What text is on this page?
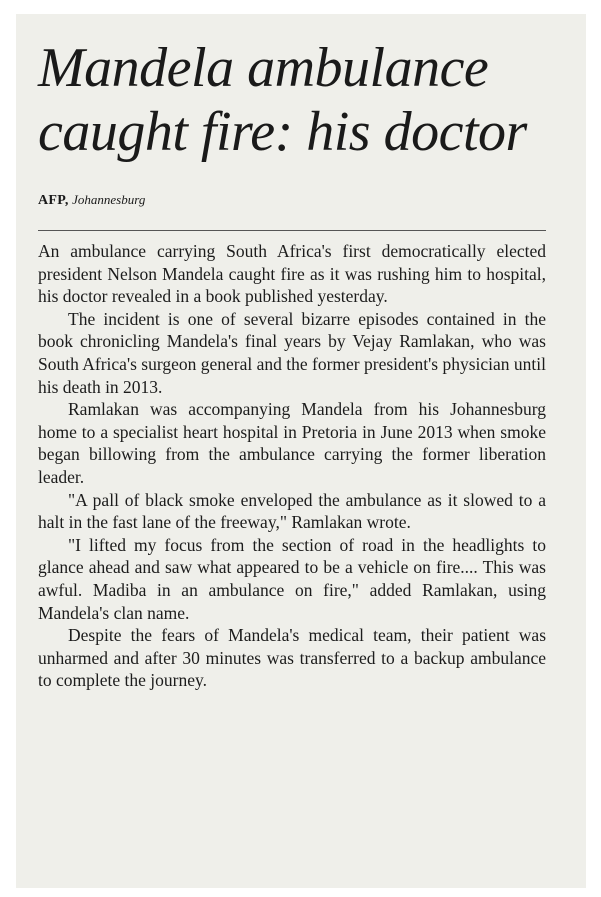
Mandela ambulance
caught fire: his doctor
AFP, Johannesburg

An ambulance carrying South Africa's first democratically elected president Nelson Mandela caught fire as it was rushing him to hospital, his doctor revealed in a book published yesterday.

The incident is one of several bizarre episodes contained in the book chronicling Mandela's final years by Vejay Ramlakan, who was South Africa's surgeon general and the former president's physician until his death in 2013.

Ramlakan was accompanying Mandela from his Johannesburg home to a specialist heart hospital in Pretoria in June 2013 when smoke began billowing from the ambulance carrying the former liberation leader.

"A pall of black smoke enveloped the ambulance as it slowed to a halt in the fast lane of the freeway," Ramlakan wrote.

"I lifted my focus from the section of road in the headlights to glance ahead and saw what appeared to be a vehicle on fire.... This was awful. Madiba in an ambulance on fire," added Ramlakan, using Mandela's clan name.

Despite the fears of Mandela's medical team, their patient was unharmed and after 30 minutes was transferred to a backup ambulance to complete the journey.
